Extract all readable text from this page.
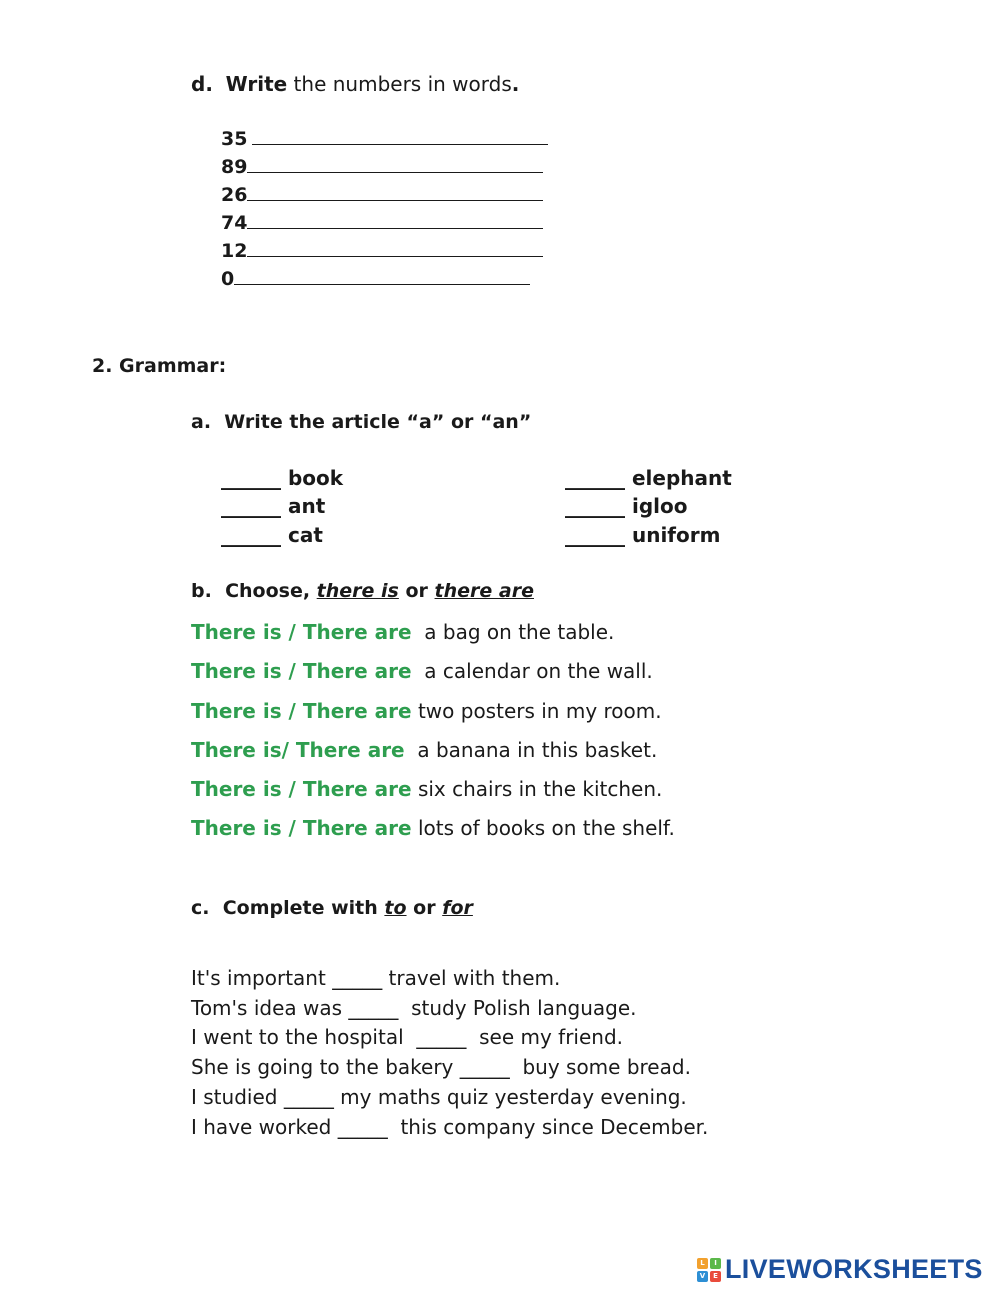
d. Write the numbers in words.
35
89
26
74
12
0
2. Grammar:
a. Write the article “a” or “an”
______ book
______ ant
______ cat
______ elephant
______ igloo
______ uniform
b. Choose, there is or there are
There is / There are  a bag on the table.
There is / There are  a calendar on the wall.
There is / There are two posters in my room.
There is/ There are  a banana in this basket.
There is / There are six chairs in the kitchen.
There is / There are lots of books on the shelf.
c. Complete with to or for
It's important _____ travel with them.
Tom's idea was _____  study Polish language.
I went to the hospital  _____  see my friend.
She is going to the bakery _____  buy some bread.
I studied _____ my maths quiz yesterday evening.
I have worked _____  this company since December.
L	I
V	E LIVEWORKSHEETS
